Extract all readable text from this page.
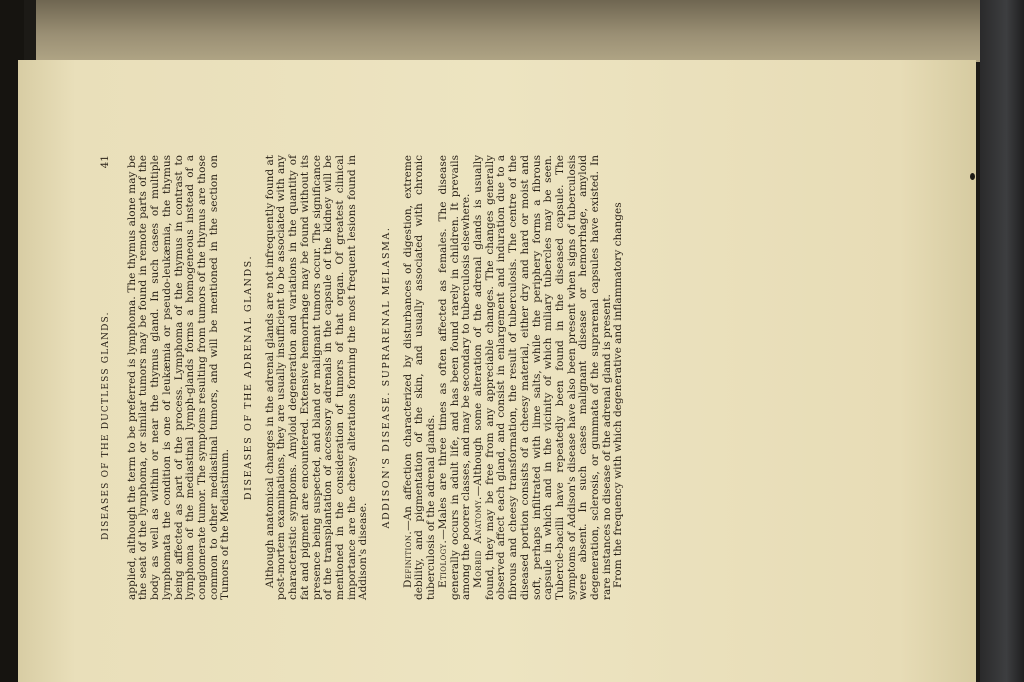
DISEASES OF THE DUCTLESS GLANDS.
41 applied, although the term to be preferred is lymphoma. The thymus alone may be the seat of the lymphoma, or similar tumors may be found in remote parts of the body as well as within or near the thymus gland. In such cases of multiple lymphomata the condition is one of leukæmia or pseudo-leukæmia, the thymus being affected as part of the process. Lymphoma of the thymus in contrast to lymphoma of the mediastinal lymph-glands forms a homogeneous instead of a conglomerate tumor. The symptoms resulting from tumors of the thymus are those common to other mediastinal tumors, and will be mentioned in the section on Tumors of the Mediastinum.

DISEASES OF THE ADRENAL GLANDS. Although anatomical changes in the adrenal glands are not infrequently found at post-mortem examinations, they are usually insufficient to be associated with any characteristic symptoms. Amyloid degeneration and variations in the quantity of fat and pigment are encountered. Extensive hemorrhage may be found without its presence being suspected, and bland or malignant tumors occur. The significance of the transplantation of accessory adrenals in the capsule of the kidney will be mentioned in the consideration of tumors of that organ. Of greatest clinical importance are the cheesy alterations forming the most frequent lesions found in Addison's disease.

ADDISON'S DISEASE. SUPRARENAL MELASMA.

Definition.—An affection characterized by disturbances of digestion, extreme debility, and pigmentation of the skin, and usually associated with chronic tuberculosis of the adrenal glands. Etiology.—Males are three times as often affected as females. The disease generally occurs in adult life, and has been found rarely in children. It prevails among the poorer classes, and may be secondary to tuberculosis elsewhere. Morbid Anatomy.—Although some alteration of the adrenal glands is usually found, they may be free from any appreciable changes. The changes generally observed affect each gland, and consist in enlargement and induration due to a fibrous and cheesy transformation, the result of tuberculosis. The centre of the diseased portion consists of a cheesy material, either dry and hard or moist and soft, perhaps infiltrated with lime salts, while the periphery forms a fibrous capsule in which and in the vicinity of which miliary tubercles may be seen. Tubercle-bacilli have repeatedly been found in the diseased capsule. The symptoms of Addison's disease have also been present when signs of tuberculosis were absent. In such cases malignant disease or hemorrhage, amyloid degeneration, sclerosis, or gummata of the suprarenal capsules have existed. In rare instances no disease of the adrenal gland is present. From the frequency with which degenerative and inflammatory changes
